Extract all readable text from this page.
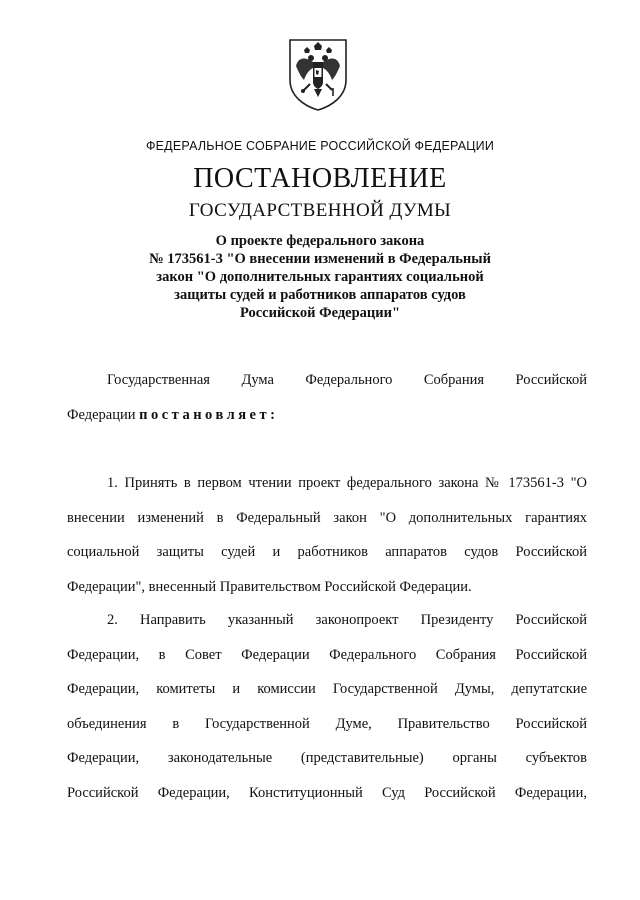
ФЕДЕРАЛЬНОЕ СОБРАНИЕ РОССИЙСКОЙ ФЕДЕРАЦИИ
ПОСТАНОВЛЕНИЕ
ГОСУДАРСТВЕННОЙ ДУМЫ
О проекте федерального закона
№ 173561-3 "О внесении изменений в Федеральный
закон "О дополнительных гарантиях социальной
защиты судей и работников аппаратов судов
Российской Федерации"
Государственная Дума Федерального Собрания Российской
Федерации постановляет:
1. Принять в первом чтении проект федерального закона № 173561-3 "О
внесении изменений в Федеральный закон "О дополнительных гарантиях
социальной защиты судей и работников аппаратов судов Российской
Федерации", внесенный Правительством Российской Федерации.
2. Направить указанный законопроект Президенту Российской
Федерации, в Совет Федерации Федерального Собрания Российской
Федерации, комитеты и комиссии Государственной Думы, депутатские
объединения в Государственной Думе, Правительство Российской
Федерации, законодательные (представительные) органы субъектов
Российской Федерации, Конституционный Суд Российской Федерации,
